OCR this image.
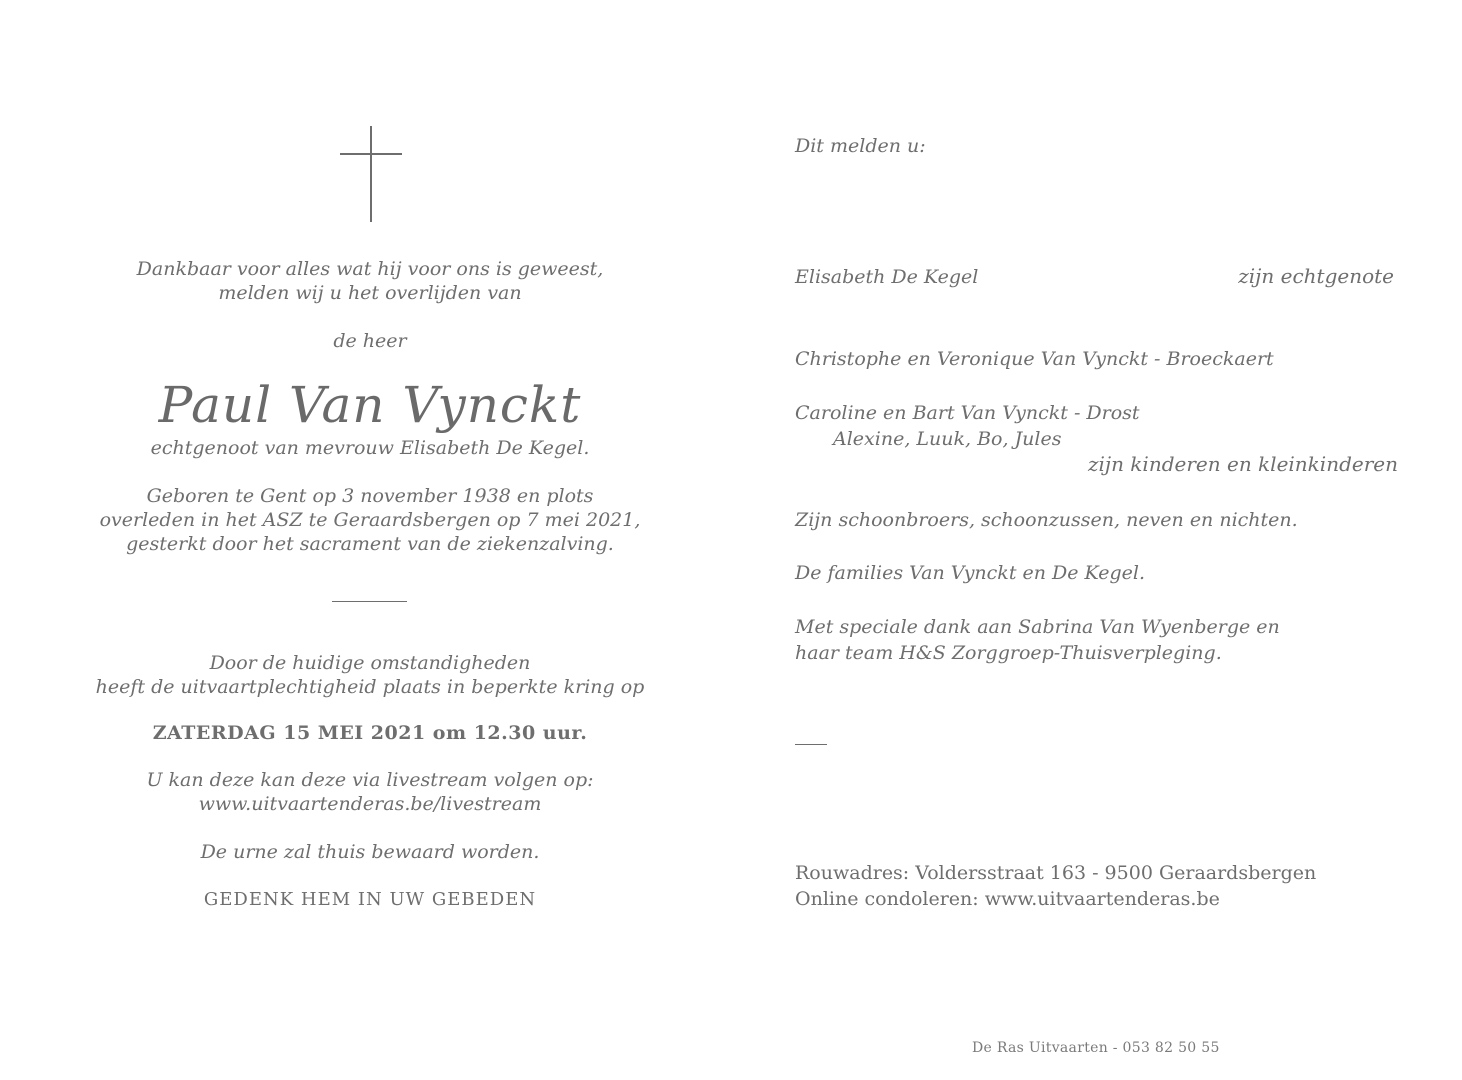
Dankbaar voor alles wat hij voor ons is geweest,
melden wij u het overlijden van
de heer
Paul Van Vynckt
echtgenoot van mevrouw Elisabeth De Kegel.
Geboren te Gent op 3 november 1938 en plots
overleden in het ASZ te Geraardsbergen op 7 mei 2021,
gesterkt door het sacrament van de ziekenzalving.
Door de huidige omstandigheden
heeft de uitvaartplechtigheid plaats in beperkte kring op
ZATERDAG 15 MEI 2021 om 12.30 uur.
U kan deze kan deze via livestream volgen op:
www.uitvaartenderas.be/livestream
De urne zal thuis bewaard worden.
GEDENK HEM IN UW GEBEDEN
Dit melden u:
Elisabeth De Kegel	zijn echtgenote
Christophe en Veronique Van Vynckt - Broeckaert
Caroline en Bart Van Vynckt - Drost
Alexine, Luuk, Bo, Jules
zijn kinderen en kleinkinderen
Zijn schoonbroers, schoonzussen, neven en nichten.
De families Van Vynckt en De Kegel.
Met speciale dank aan Sabrina Van Wyenberge en
haar team H&S Zorggroep-Thuisverpleging.
Rouwadres: Voldersstraat 163 - 9500 Geraardsbergen
Online condoleren: www.uitvaartenderas.be
De Ras Uitvaarten - 053 82 50 55
